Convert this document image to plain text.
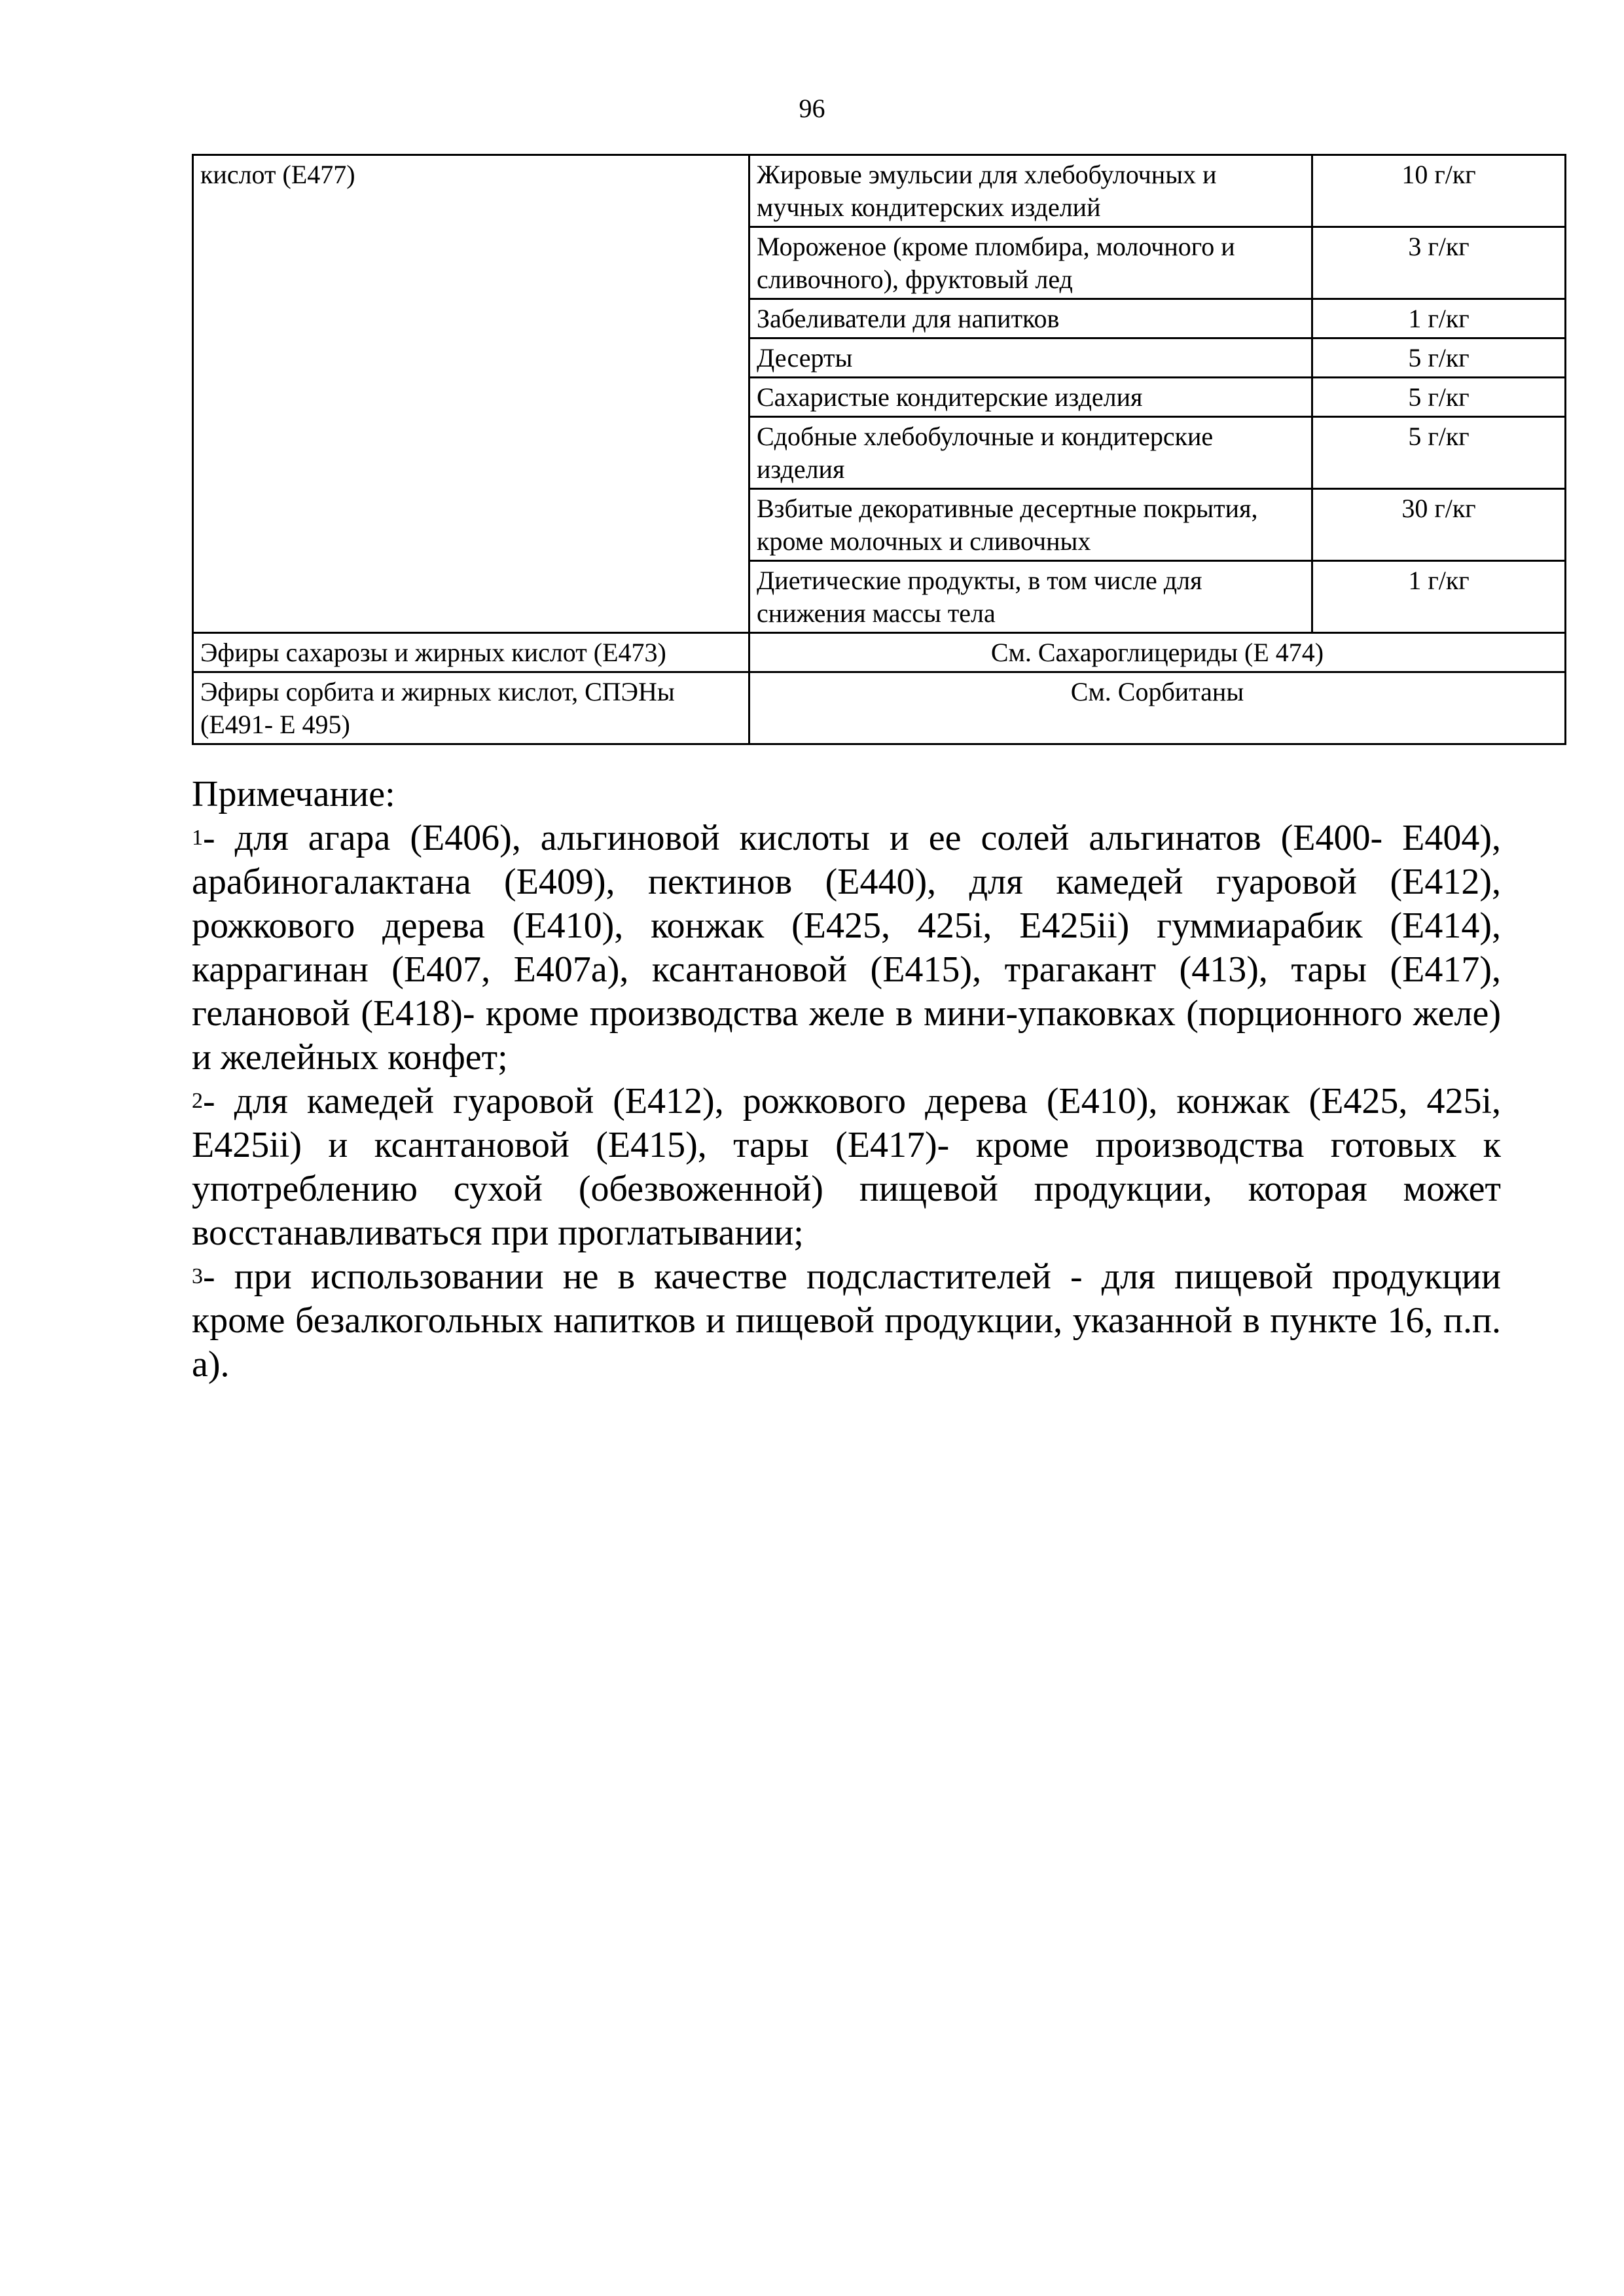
96
кислот (Е477)	Жировые эмульсии для хлебобулочных и мучных кондитерских изделий	10 г/кг
	Мороженое (кроме пломбира, молочного и сливочного), фруктовый лед	3 г/кг
	Забеливатели для напитков	1 г/кг
	Десерты	5 г/кг
	Сахаристые кондитерские изделия	5 г/кг
	Сдобные хлебобулочные и кондитерские изделия	5 г/кг
	Взбитые декоративные десертные покрытия, кроме молочных и сливочных	30 г/кг
	Диетические продукты, в том числе для снижения массы тела	1 г/кг
Эфиры сахарозы и жирных кислот (Е473)	См. Сахароглицериды (Е 474)	
Эфиры сорбита и жирных кислот, СПЭНы (Е491- Е 495)	См. Сорбитаны	
Примечание:

$^1$- для агара (Е406), альгиновой кислоты и ее солей альгинатов (Е400- Е404), арабиногалактана (Е409), пектинов (Е440), для камедей гуаровой (Е412), рожкового дерева (Е410), конжак (Е425, 425i, Е425ii) гуммиарабик (Е414), каррагинан (Е407, Е407а), ксантановой (Е415), трагакант (413), тары (Е417), гелановой (Е418)- кроме производства желе в мини-упаковках (порционного желе) и желейных конфет;

$^2$- для камедей гуаровой (Е412), рожкового дерева (Е410), конжак (Е425, 425i, Е425ii) и ксантановой (Е415), тары (Е417)- кроме производства готовых к употреблению сухой (обезвоженной) пищевой продукции, которая может восстанавливаться при проглатывании;

$^3$- при использовании не в качестве подсластителей - для пищевой продукции кроме безалкогольных напитков и пищевой продукции, указанной в пункте 16, п.п. а).
